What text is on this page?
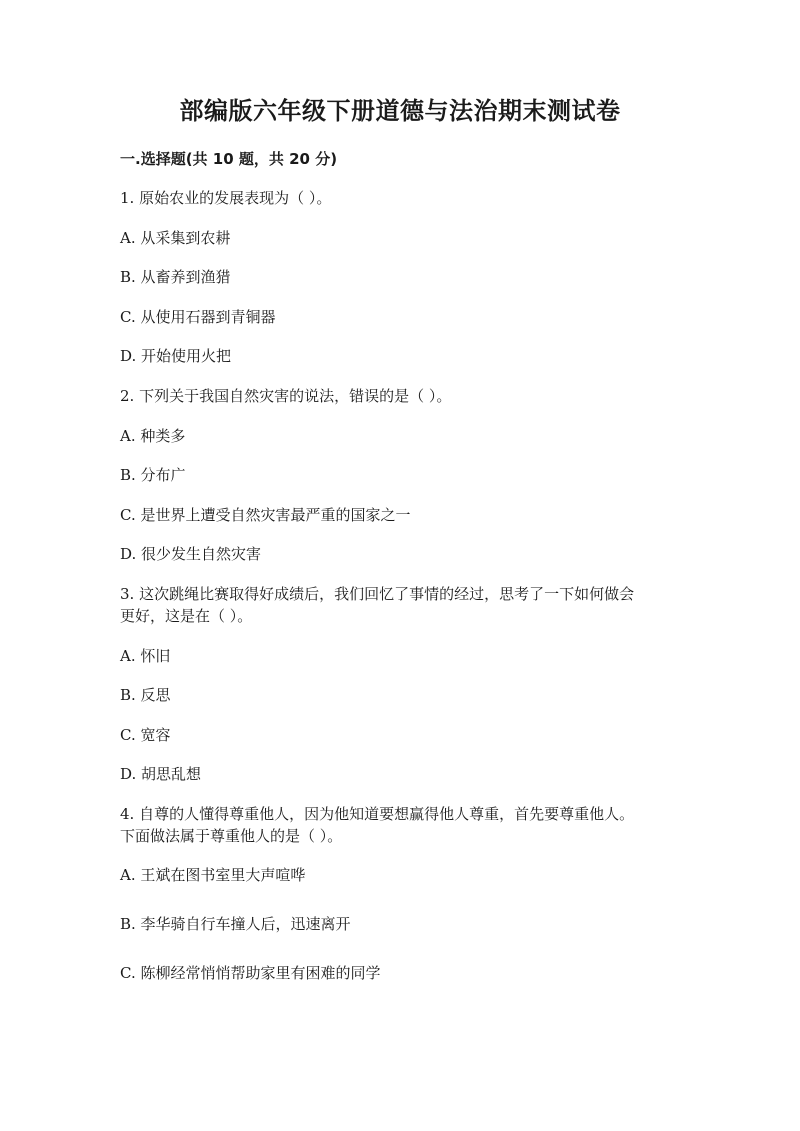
部编版六年级下册道德与法治期末测试卷
一.选择题(共 10 题，共 20 分)
1. 原始农业的发展表现为（ ）。
A. 从采集到农耕
B. 从畜养到渔猎
C. 从使用石器到青铜器
D. 开始使用火把
2. 下列关于我国自然灾害的说法，错误的是（ ）。
A. 种类多
B. 分布广
C. 是世界上遭受自然灾害最严重的国家之一
D. 很少发生自然灾害
3. 这次跳绳比赛取得好成绩后，我们回忆了事情的经过，思考了一下如何做会
更好，这是在（ ）。
A. 怀旧
B. 反思
C. 宽容
D. 胡思乱想
4. 自尊的人懂得尊重他人，因为他知道要想赢得他人尊重，首先要尊重他人。
下面做法属于尊重他人的是（ ）。
A. 王斌在图书室里大声喧哗
B. 李华骑自行车撞人后，迅速离开
C. 陈柳经常悄悄帮助家里有困难的同学
